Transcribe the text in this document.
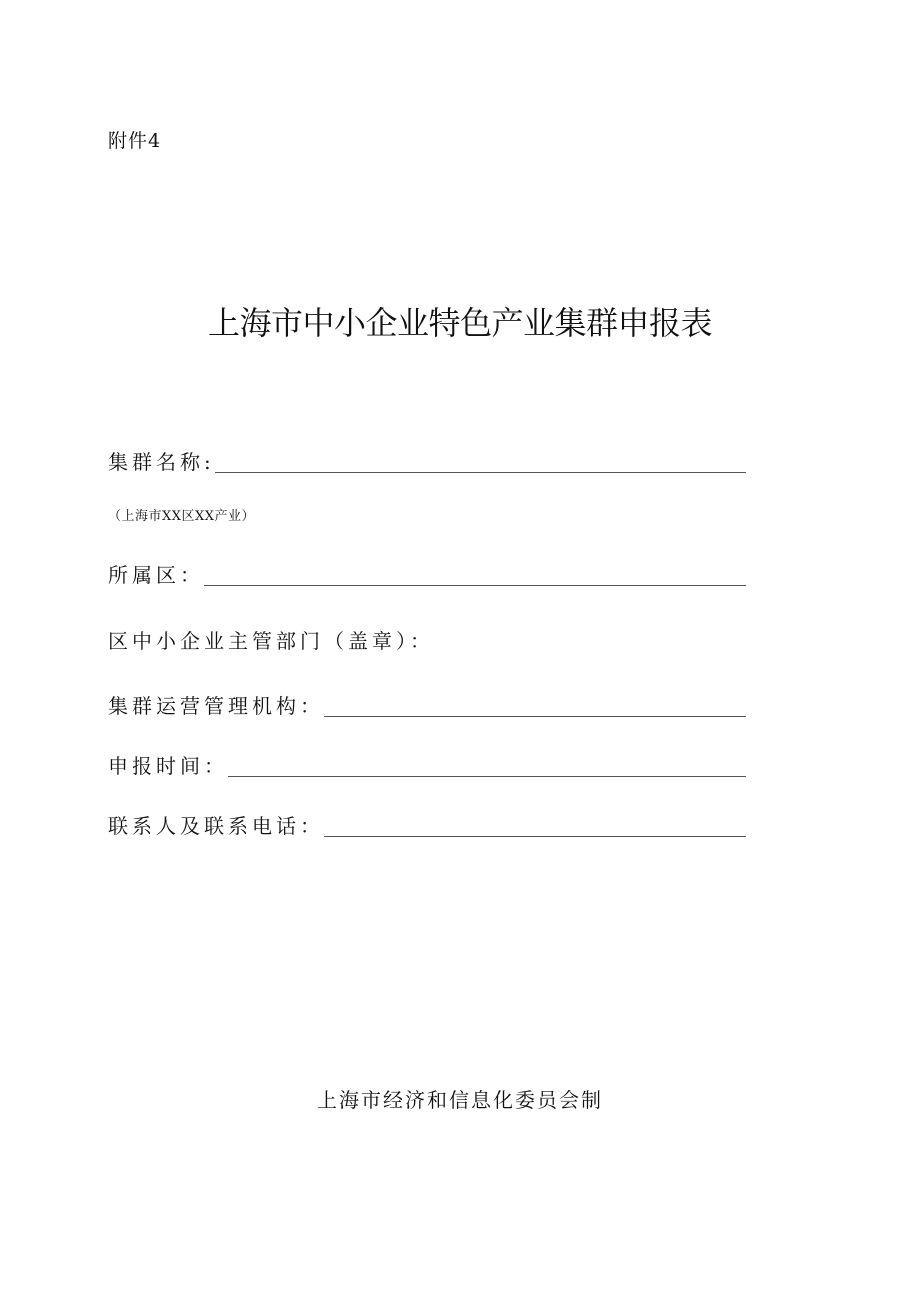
附件4
上海市中小企业特色产业集群申报表
集群名称:
（上海市XX区XX产业）
所属区：
区中小企业主管部门（盖章）：
集群运营管理机构：
申报时间：
联系人及联系电话：
上海市经济和信息化委员会制
